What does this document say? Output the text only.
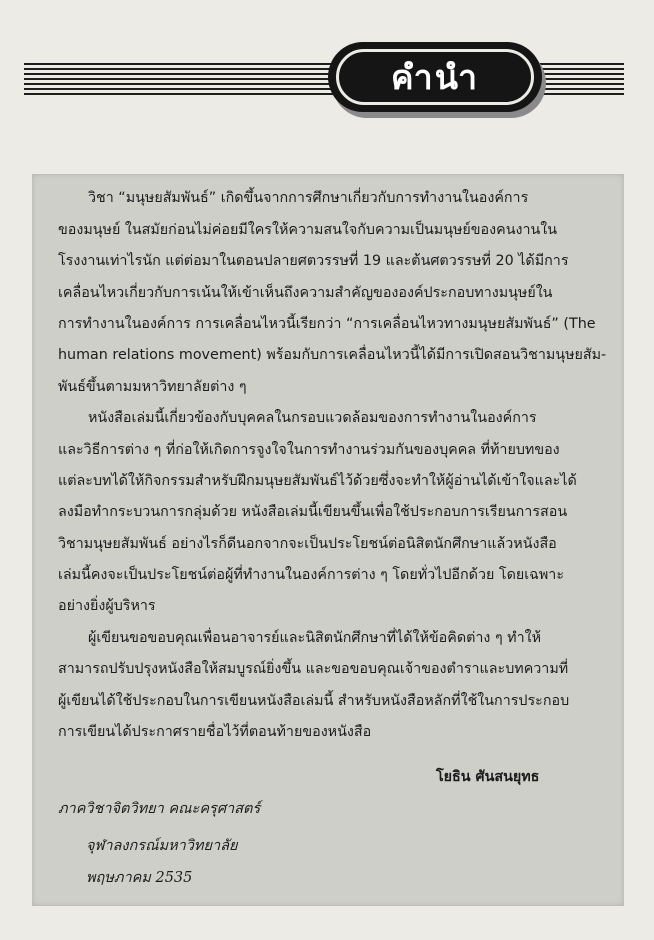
คำนำ
วิชา “มนุษยสัมพันธ์” เกิดขึ้นจากการศึกษาเกี่ยวกับการทำงานในองค์การ
ของมนุษย์ ในสมัยก่อนไม่ค่อยมีใครให้ความสนใจกับความเป็นมนุษย์ของคนงานใน
โรงงานเท่าไรนัก แต่ต่อมาในตอนปลายศตวรรษที่ 19 และต้นศตวรรษที่ 20 ได้มีการ
เคลื่อนไหวเกี่ยวกับการเน้นให้เข้าเห็นถึงความสำคัญขององค์ประกอบทางมนุษย์ใน
การทำงานในองค์การ การเคลื่อนไหวนี้เรียกว่า “การเคลื่อนไหวทางมนุษยสัมพันธ์” (The
human relations movement) พร้อมกับการเคลื่อนไหวนี้ได้มีการเปิดสอนวิชามนุษยสัม-
พันธ์ขึ้นตามมหาวิทยาลัยต่าง ๆ
หนังสือเล่มนี้เกี่ยวข้องกับบุคคลในกรอบแวดล้อมของการทำงานในองค์การ
และวิธีการต่าง ๆ ที่ก่อให้เกิดการจูงใจในการทำงานร่วมกันของบุคคล ที่ท้ายบทของ
แต่ละบทได้ให้กิจกรรมสำหรับฝึกมนุษยสัมพันธ์ไว้ด้วยซึ่งจะทำให้ผู้อ่านได้เข้าใจและได้
ลงมือทำกระบวนการกลุ่มด้วย หนังสือเล่มนี้เขียนขึ้นเพื่อใช้ประกอบการเรียนการสอน
วิชามนุษยสัมพันธ์ อย่างไรก็ดีนอกจากจะเป็นประโยชน์ต่อนิสิตนักศึกษาแล้วหนังสือ
เล่มนี้คงจะเป็นประโยชน์ต่อผู้ที่ทำงานในองค์การต่าง ๆ โดยทั่วไปอีกด้วย โดยเฉพาะ
อย่างยิ่งผู้บริหาร
ผู้เขียนขอขอบคุณเพื่อนอาจารย์และนิสิตนักศึกษาที่ได้ให้ข้อคิดต่าง ๆ ทำให้
สามารถปรับปรุงหนังสือให้สมบูรณ์ยิ่งขึ้น และขอขอบคุณเจ้าของตำราและบทความที่
ผู้เขียนได้ใช้ประกอบในการเขียนหนังสือเล่มนี้ สำหรับหนังสือหลักที่ใช้ในการประกอบ
การเขียนได้ประกาศรายชื่อไว้ที่ตอนท้ายของหนังสือ
โยธิน ศันสนยุทธ
ภาควิชาจิตวิทยา คณะครุศาสตร์
จุฬาลงกรณ์มหาวิทยาลัย
พฤษภาคม 2535
